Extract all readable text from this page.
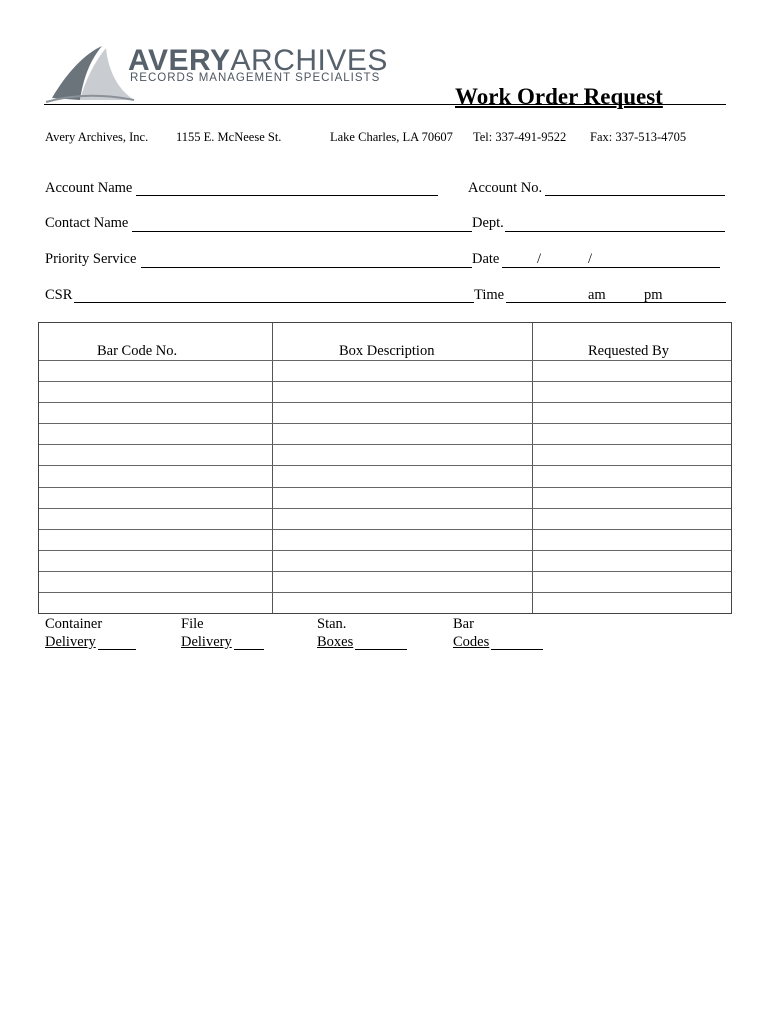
AVERYARCHIVES
RECORDS MANAGEMENT SPECIALISTS
Work Order Request
Avery Archives, Inc. 1155 E. McNeese St.	Lake Charles, LA 70607 Tel: 337-491-9522 Fax: 337-513-4705
Account Name	Account No.
Contact Name	Dept.
Priority Service	Date	/	/
CSR	Time	am	pm
Bar Code No.	Box Description	Requested By
Container
Delivery
File
Delivery
Stan.
Boxes
Bar
Codes
